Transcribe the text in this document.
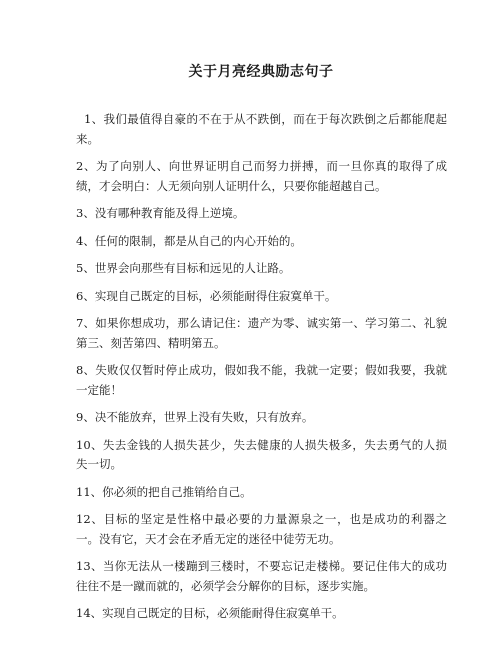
关于月亮经典励志句子
1、我们最值得自豪的不在于从不跌倒，而在于每次跌倒之后都能爬起来。
2、为了向别人、向世界证明自己而努力拼搏，而一旦你真的取得了成绩，才会明白：人无须向别人证明什么，只要你能超越自己。
3、没有哪种教育能及得上逆境。
4、任何的限制，都是从自己的内心开始的。
5、世界会向那些有目标和远见的人让路。
6、实现自己既定的目标，必须能耐得住寂寞单干。
7、如果你想成功，那么请记住：遗产为零、诚实第一、学习第二、礼貌第三、刻苦第四、精明第五。
8、失败仅仅暂时停止成功，假如我不能，我就一定要；假如我要，我就一定能！
9、决不能放弃，世界上没有失败，只有放弃。
10、失去金钱的人损失甚少，失去健康的人损失极多，失去勇气的人损失一切。
11、你必须的把自己推销给自己。
12、目标的坚定是性格中最必要的力量源泉之一，也是成功的利器之一。没有它，天才会在矛盾无定的迷径中徒劳无功。
13、当你无法从一楼蹦到三楼时，不要忘记走楼梯。要记住伟大的成功往往不是一蹴而就的，必须学会分解你的目标，逐步实施。
14、实现自己既定的目标，必须能耐得住寂寞单干。
